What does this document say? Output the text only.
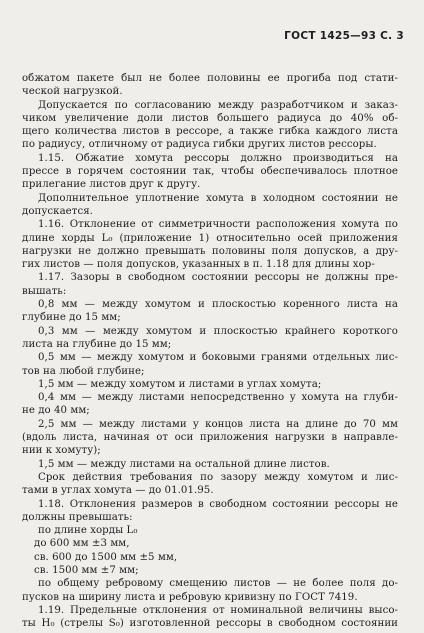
ГОСТ 1425—93 С. 3
обжатом пакете был не более половины ее прогиба под стати-
ческой нагрузкой.
Допускается по согласованию между разработчиком и заказ-
чиком увеличение доли листов большего радиуса до 40% об-
щего количества листов в рессоре, а также гибка каждого листа
по радиусу, отличному от радиуса гибки других листов рессоры.
1.15. Обжатие хомута рессоры должно производиться на
прессе в горячем состоянии так, чтобы обеспечивалось плотное
прилегание листов друг к другу.
Дополнительное уплотнение хомута в холодном состоянии не
допускается.
1.16. Отклонение от симметричности расположения хомута по
длине хорды L₀ (приложение 1) относительно осей приложения
нагрузки не должно превышать половины поля допусков, а дру-
гих листов — поля допусков, указанных в п. 1.18 для длины хор-
1.17. Зазоры в свободном состоянии рессоры не должны пре-
вышать:
0,8 мм — между хомутом и плоскостью коренного листа на
глубине до 15 мм;
0,3 мм — между хомутом и плоскостью крайнего короткого
листа на глубине до 15 мм;
0,5 мм — между хомутом и боковыми гранями отдельных лис-
тов на любой глубине;
1,5 мм — между хомутом и листами в углах хомута;
0,4 мм — между листами непосредственно у хомута на глуби-
не до 40 мм;
2,5 мм — между листами у концов листа на длине до 70 мм
(вдоль листа, начиная от оси приложения нагрузки в направле-
нии к хомуту);
1,5 мм — между листами на остальной длине листов.
Срок действия требования по зазору между хомутом и лис-
тами в углах хомута — до 01.01.95.
1.18. Отклонения размеров в свободном состоянии рессоры не
должны превышать:
по длине хорды L₀
до 600 мм ±3 мм,
св. 600 до 1500 мм ±5 мм,
св. 1500 мм ±7 мм;
по общему ребровому смещению листов — не более поля до-
пусков на ширину листа и ребровую кривизну по ГОСТ 7419.
1.19. Предельные отклонения от номинальной величины высо-
ты H₀ (стрелы S₀) изготовленной рессоры в свободном состоянии
